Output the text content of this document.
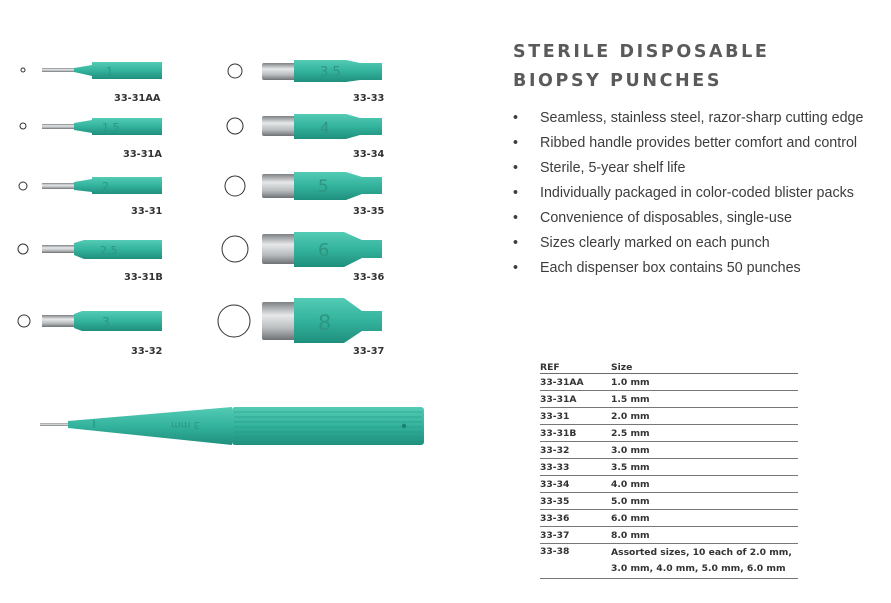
1
33-31AA
1.5
33-31A
2
33-31
2.5
33-31B
3
33-32
3.5
33-33
4
33-34
5
33-35
6
33-36
8
33-37
3 mm
STERILE DISPOSABLE
BIOPSY PUNCHES
• Seamless, stainless steel, razor-sharp cutting edge
• Ribbed handle provides better comfort and control
• Sterile, 5-year shelf life
• Individually packaged in color-coded blister packs
• Convenience of disposables, single-use
• Sizes clearly marked on each punch
• Each dispenser box contains 50 punches
REF	Size
33-31AA	1.0 mm
33-31A	1.5 mm
33-31	2.0 mm
33-31B	2.5 mm
33-32	3.0 mm
33-33	3.5 mm
33-34	4.0 mm
33-35	5.0 mm
33-36	6.0 mm
33-37	8.0 mm
33-38	Assorted sizes, 10 each of 2.0 mm, 3.0 mm, 4.0 mm, 5.0 mm, 6.0 mm
